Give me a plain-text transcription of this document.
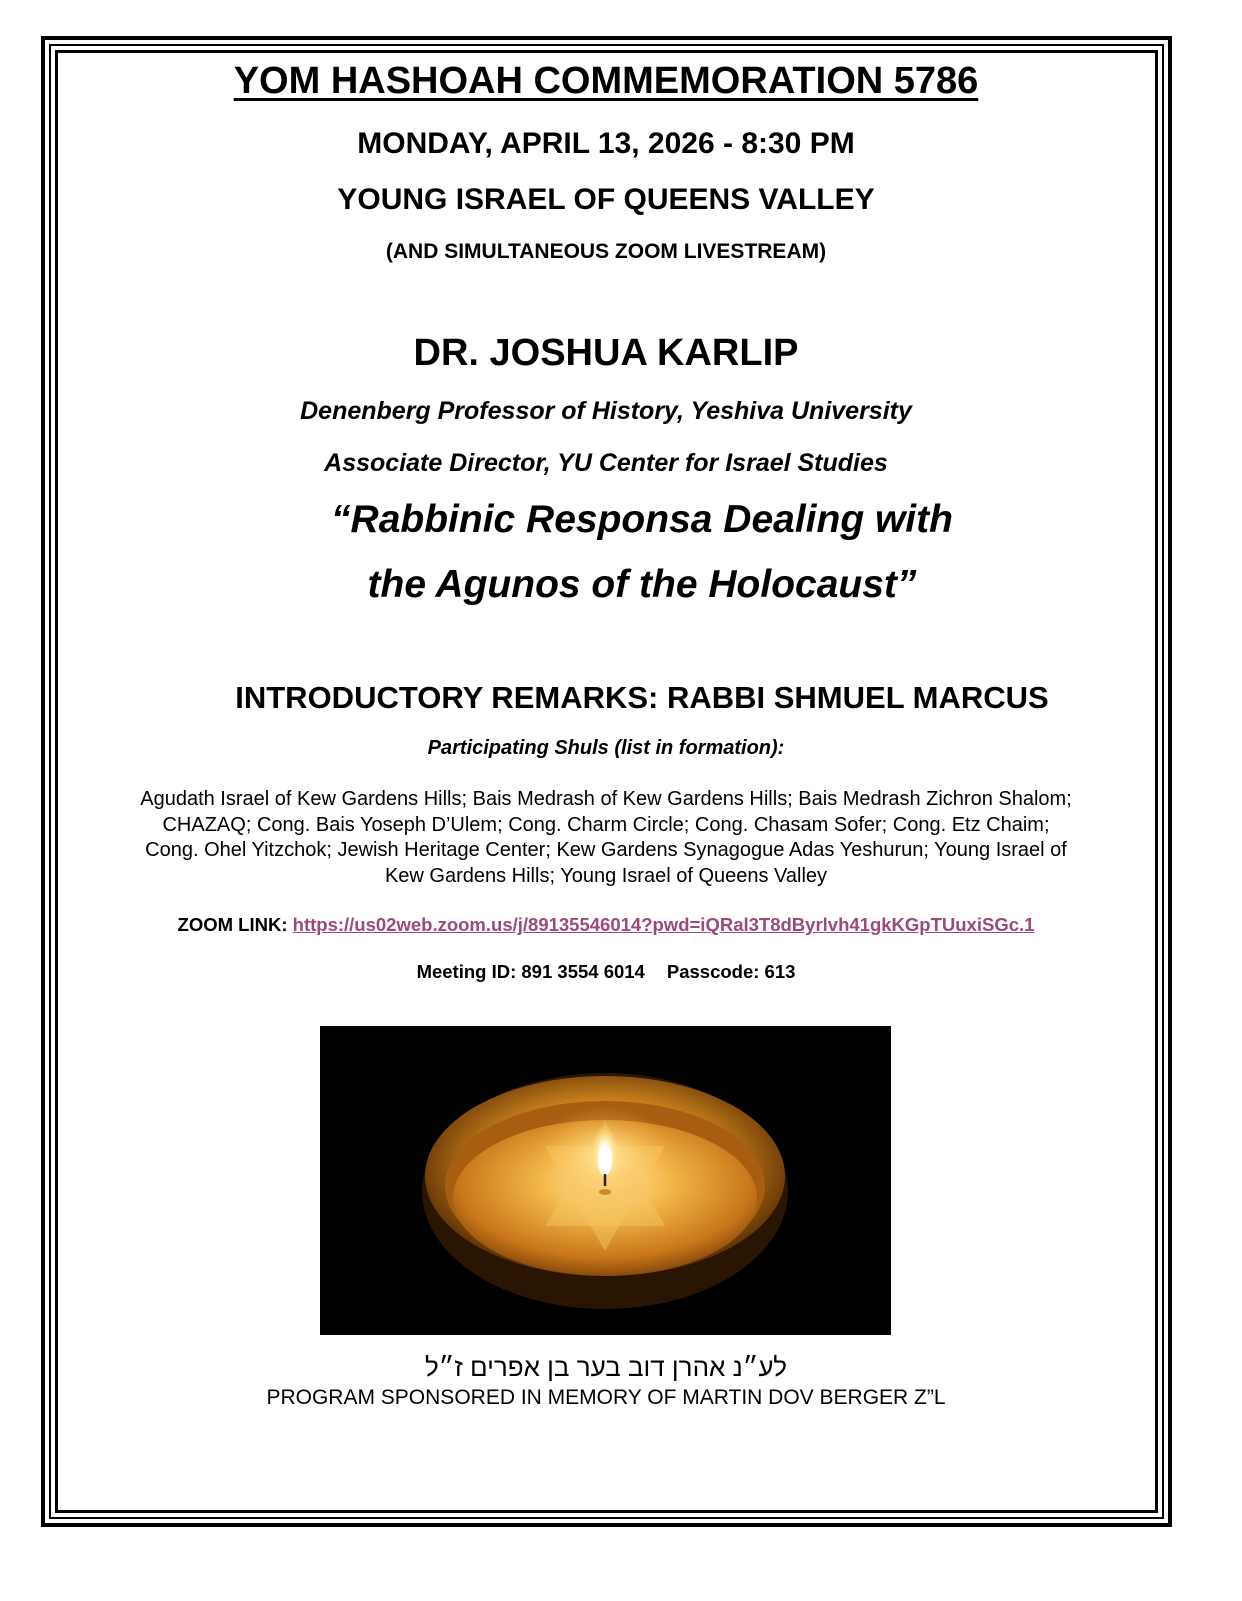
YOM HASHOAH COMMEMORATION 5786
MONDAY, APRIL 13, 2026 - 8:30 PM
YOUNG ISRAEL OF QUEENS VALLEY
(AND SIMULTANEOUS ZOOM LIVESTREAM)
DR. JOSHUA KARLIP
Denenberg Professor of History, Yeshiva University
Associate Director, YU Center for Israel Studies
“Rabbinic Responsa Dealing with
the Agunos of the Holocaust”
INTRODUCTORY REMARKS: RABBI SHMUEL MARCUS
Participating Shuls (list in formation):
Agudath Israel of Kew Gardens Hills; Bais Medrash of Kew Gardens Hills; Bais Medrash Zichron Shalom; CHAZAQ; Cong. Bais Yoseph D’Ulem; Cong. Charm Circle; Cong. Chasam Sofer; Cong. Etz Chaim; Cong. Ohel Yitzchok; Jewish Heritage Center; Kew Gardens Synagogue Adas Yeshurun; Young Israel of Kew Gardens Hills; Young Israel of Queens Valley
ZOOM LINK: https://us02web.zoom.us/j/89135546014?pwd=iQRal3T8dByrlvh41gkKGpTUuxiSGc.1
Meeting ID: 891 3554 6014 Passcode: 613
לע״נ אהרן דוב בער בן אפרים ז״ל
PROGRAM SPONSORED IN MEMORY OF MARTIN DOV BERGER Z”L
